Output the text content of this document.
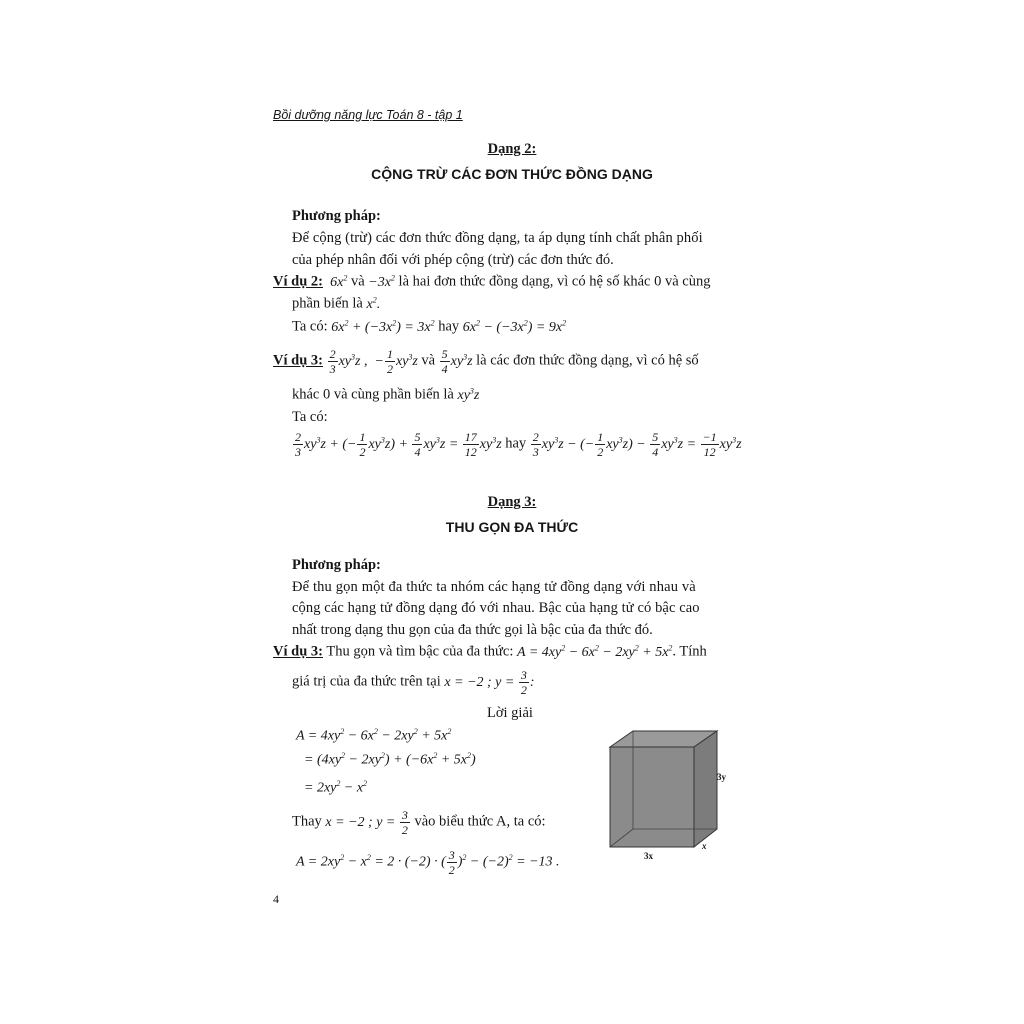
Bồi dưỡng năng lực Toán 8 - tập 1
Dạng 2:
CỘNG TRỪ CÁC ĐƠN THỨC ĐỒNG DẠNG
Phương pháp:
Để cộng (trừ) các đơn thức đồng dạng, ta áp dụng tính chất phân phối
của phép nhân đối với phép cộng (trừ) các đơn thức đó.
Ví dụ 2:  $6x^2$ và $-3x^2$ là hai đơn thức đồng dạng, vì có hệ số khác 0 và cùng
phần biến là $x^2$.
Ta có: $6x^2 + (-3x^2) = 3x^2$ hay $6x^2 - (-3x^2) = 9x^2$
Ví dụ 3: $\frac{2}{3} xy^3z$ ,  − $\frac{1}{2} xy^3z$ và $\frac{5}{4} xy^3z$ là các đơn thức đồng dạng, vì có hệ số
khác 0 và cùng phần biến là $xy^3z$
Ta có:
$\frac{2}{3} xy^3z$ + (− $\frac{1}{2} xy^3z) + \frac{5}{4} xy^3z = \frac{17}{12} xy^3z$ hay $\frac{2}{3} xy^3z$ − (− $\frac{1}{2} xy^3z) - \frac{5}{4} xy^3z = \frac{-1}{12} xy^3z$
Dạng 3:
THU GỌN ĐA THỨC
Phương pháp:
Để thu gọn một đa thức ta nhóm các hạng tử đồng dạng với nhau và
cộng các hạng tử đồng dạng đó với nhau. Bậc của hạng tử có bậc cao
nhất trong dạng thu gọn của đa thức gọi là bậc của đa thức đó.
Ví dụ 3: Thu gọn và tìm bậc của đa thức: $A = 4xy^2 - 6x^2 - 2xy^2 + 5x^2$. Tính
giá trị của đa thức trên tại x = −2 ; $y = \frac{3}{2}$ :
Lời giải
$A = 4xy^2 - 6x^2 - 2xy^2 + 5x^2$
= $(4xy^2 - 2xy^2) + (-6x^2 + 5x^2)$
= $2xy^2 - x^2$
Thay x = −2 ; $y = \frac{3}{2}$ vào biểu thức A, ta có:
$A = 2xy^2 - x^2 = 2 \cdot (-2)$ · ( $\frac{3}{2} )^2 - (-2)^2 = -13$ .
3y
3x
x
4
